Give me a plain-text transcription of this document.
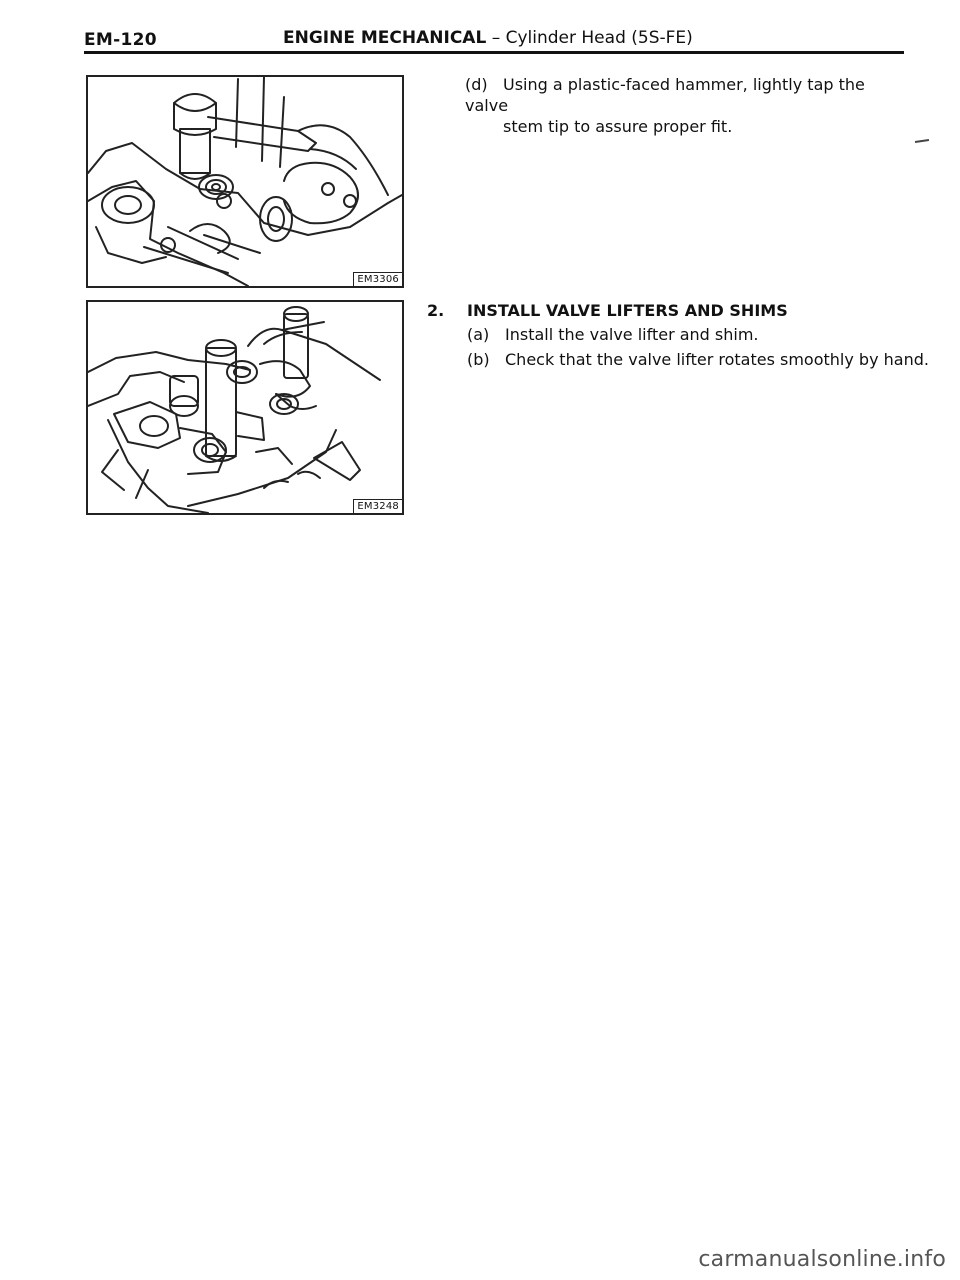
EM-120	ENGINE MECHANICAL – Cylinder Head (5S-FE)
EM3306
EM3248
(d) Using a plastic-faced hammer, lightly tap the valve
stem tip to assure proper fit.
2. INSTALL VALVE LIFTERS AND SHIMS
(a) Install the valve lifter and shim.
(b) Check that the valve lifter rotates smoothly by hand.
carmanualsonline.info
